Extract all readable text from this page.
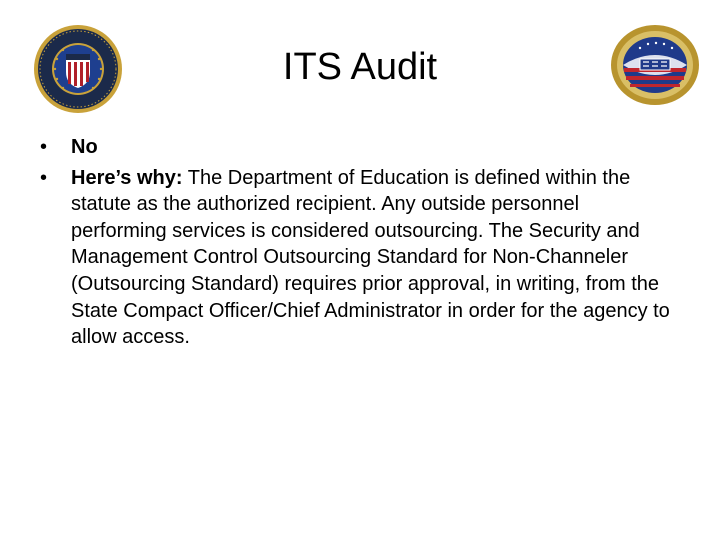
ITS Audit
• No
• Here’s why: The Department of Education is defined within the statute as the authorized recipient. Any outside personnel performing services is considered outsourcing. The Security and Management Control Outsourcing Standard for Non-Channeler (Outsourcing Standard) requires prior approval, in writing, from the State Compact Officer/Chief Administrator in order for the agency to allow access.
